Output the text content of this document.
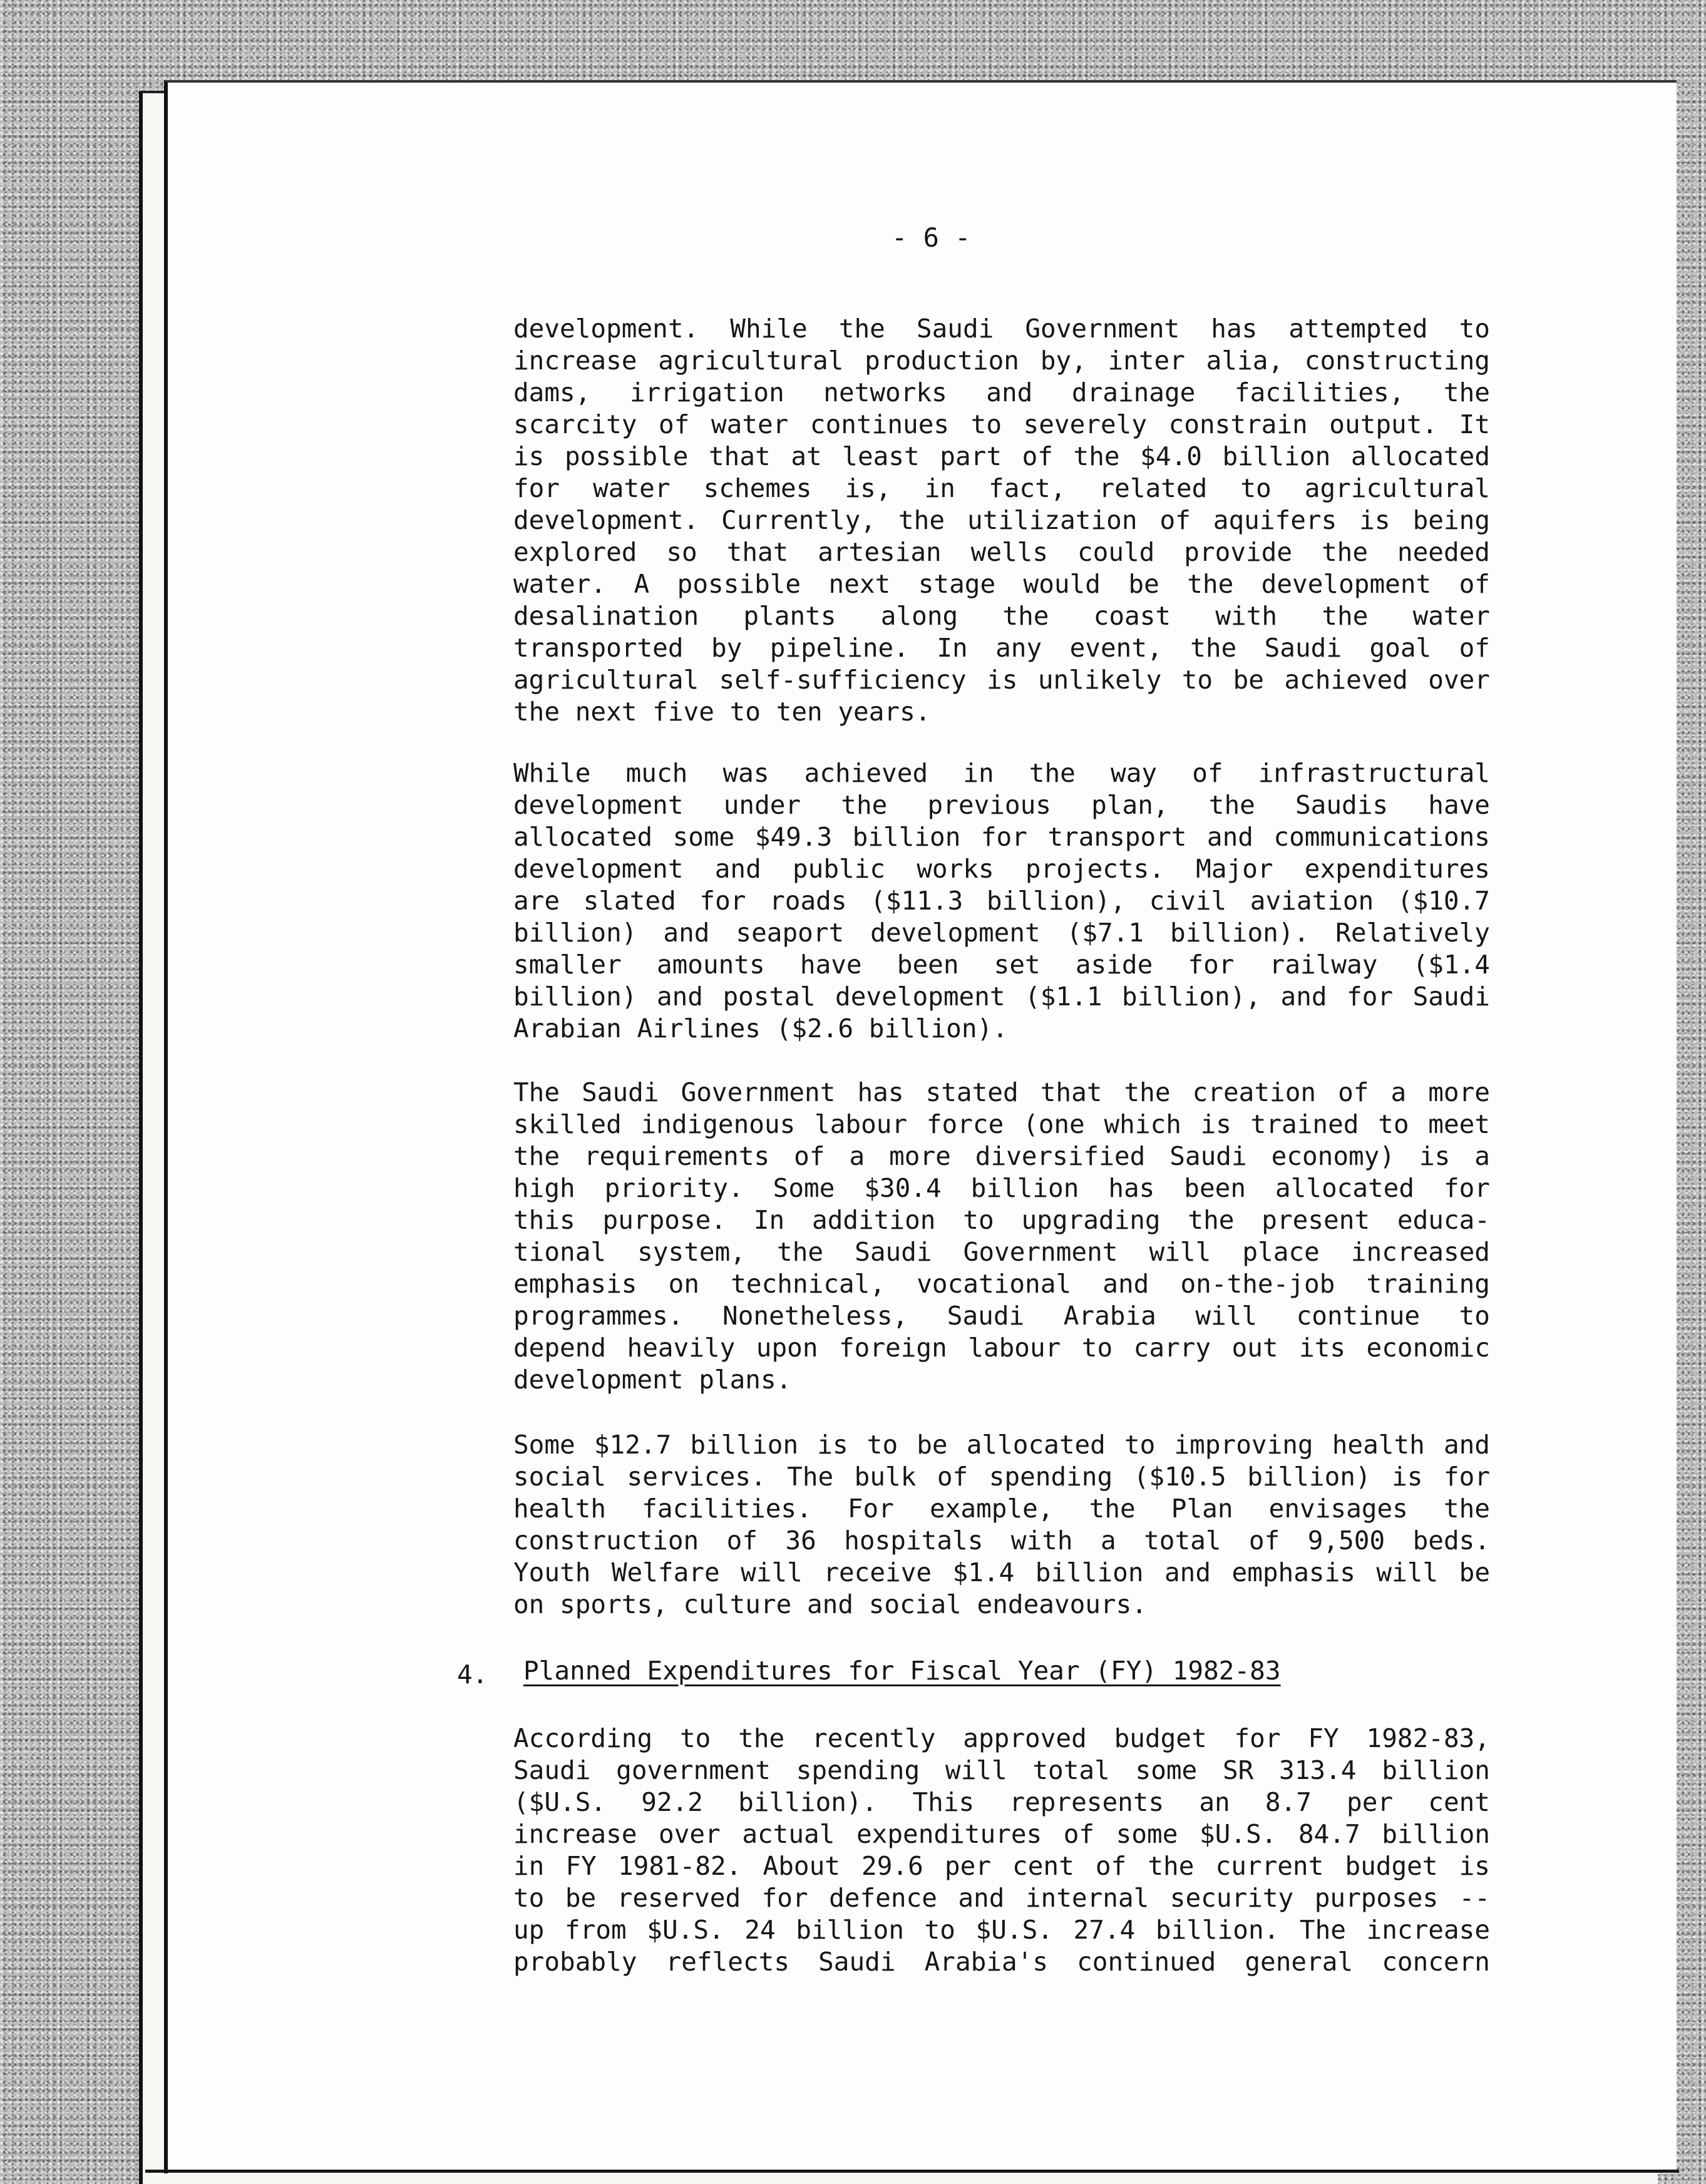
- 6 -
development. While the Saudi Government has attempted to
increase agricultural production by, inter alia, constructing
dams, irrigation networks and drainage facilities, the
scarcity of water continues to severely constrain output. It
is possible that at least part of the $4.0 billion allocated
for water schemes is, in fact, related to agricultural
development. Currently, the utilization of aquifers is being
explored so that artesian wells could provide the needed
water. A possible next stage would be the development of
desalination plants along the coast with the water
transported by pipeline. In any event, the Saudi goal of
agricultural self-sufficiency is unlikely to be achieved over
the next five to ten years.
While much was achieved in the way of infrastructural
development under the previous plan, the Saudis have
allocated some $49.3 billion for transport and communications
development and public works projects. Major expenditures
are slated for roads ($11.3 billion), civil aviation ($10.7
billion) and seaport development ($7.1 billion). Relatively
smaller amounts have been set aside for railway ($1.4
billion) and postal development ($1.1 billion), and for Saudi
Arabian Airlines ($2.6 billion).
The Saudi Government has stated that the creation of a more
skilled indigenous labour force (one which is trained to meet
the requirements of a more diversified Saudi economy) is a
high priority. Some $30.4 billion has been allocated for
this purpose. In addition to upgrading the present educa-
tional system, the Saudi Government will place increased
emphasis on technical, vocational and on-the-job training
programmes. Nonetheless, Saudi Arabia will continue to
depend heavily upon foreign labour to carry out its economic
development plans.
Some $12.7 billion is to be allocated to improving health and
social services. The bulk of spending ($10.5 billion) is for
health facilities. For example, the Plan envisages the
construction of 36 hospitals with a total of 9,500 beds.
Youth Welfare will receive $1.4 billion and emphasis will be
on sports, culture and social endeavours.
4. Planned Expenditures for Fiscal Year (FY) 1982-83
According to the recently approved budget for FY 1982-83,
Saudi government spending will total some SR 313.4 billion
($U.S. 92.2 billion). This represents an 8.7 per cent
increase over actual expenditures of some $U.S. 84.7 billion
in FY 1981-82. About 29.6 per cent of the current budget is
to be reserved for defence and internal security purposes --
up from $U.S. 24 billion to $U.S. 27.4 billion. The increase
probably reflects Saudi Arabia's continued general concern
